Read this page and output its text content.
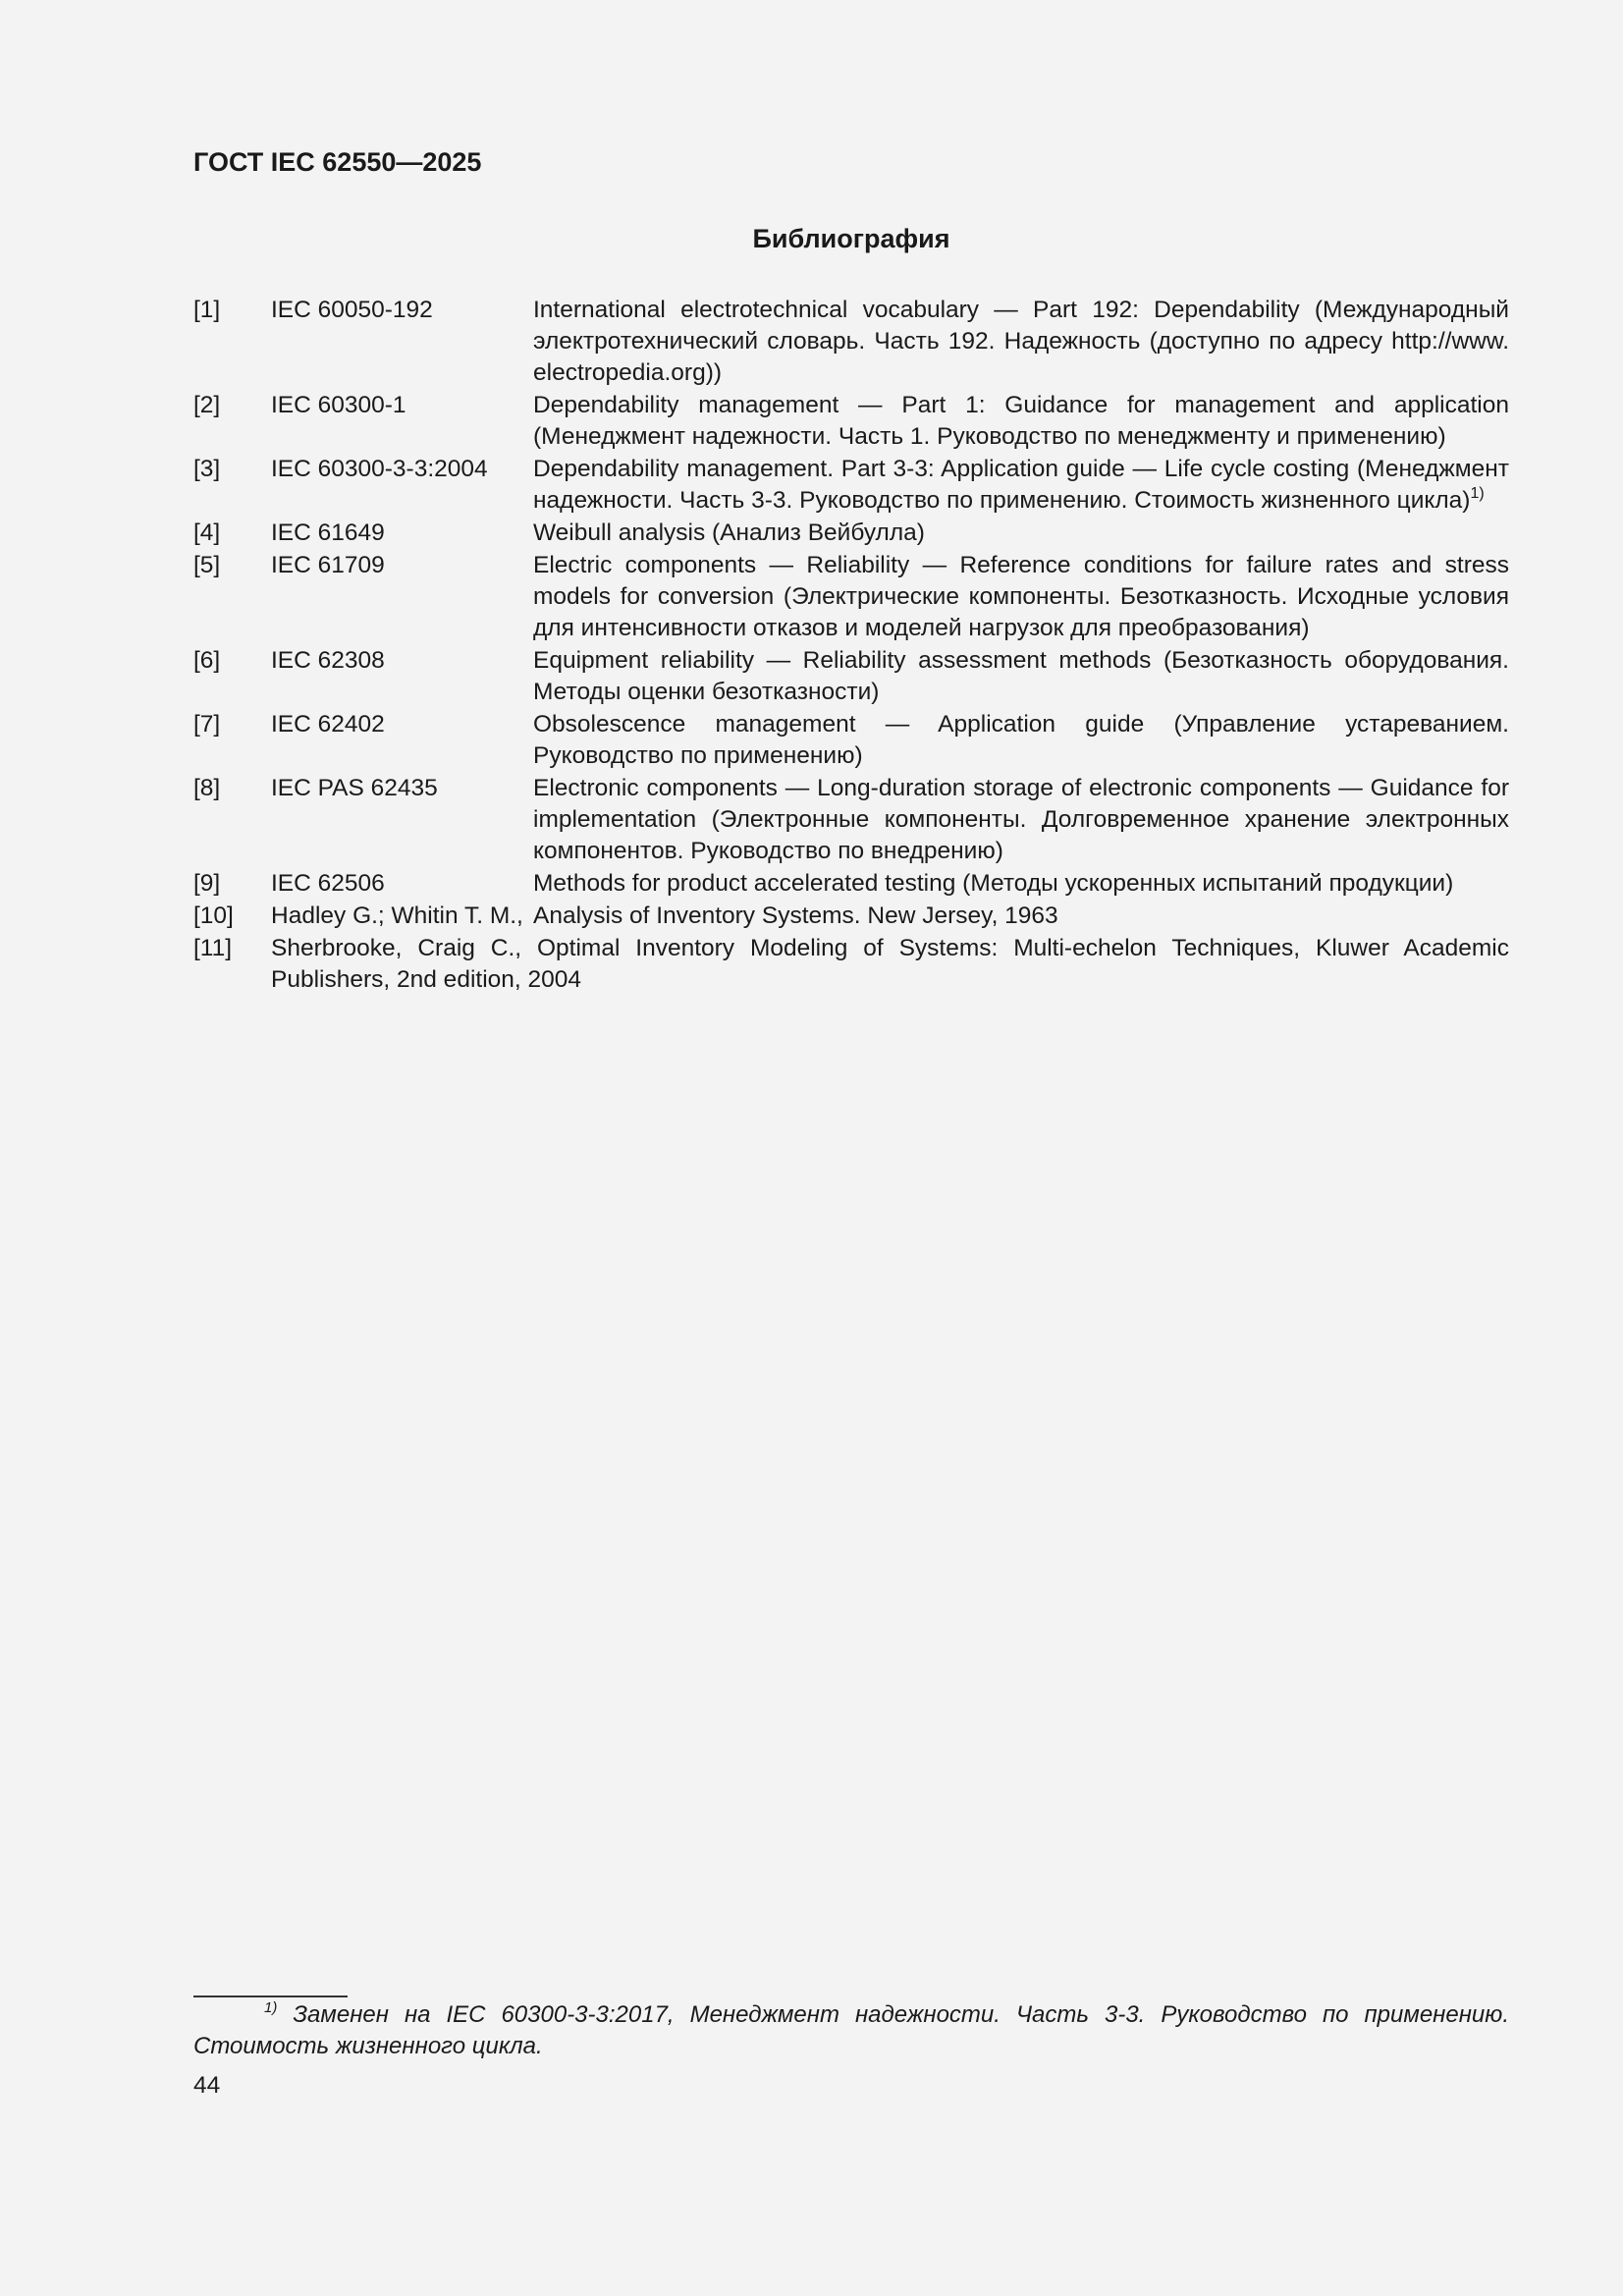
ГОСТ IEC 62550—2025
Библиография
[1] IEC 60050-192	International electrotechnical vocabulary — Part 192: Dependability (Международный электротехнический словарь. Часть 192. Надежность (доступно по адресу http://www. electropedia.org))
[2] IEC 60300-1	Dependability management — Part 1: Guidance for management and application (Менеджмент надежности. Часть 1. Руководство по менеджменту и применению)
[3] IEC 60300-3-3:2004 Dependability management. Part 3-3: Application guide — Life cycle costing (Менеджмент надежности. Часть 3-3. Руководство по применению. Стоимость жизненного цикла)$^{1)}$
[4] IEC 61649	Weibull analysis (Анализ Вейбулла)
[5] IEC 61709	Electric components — Reliability — Reference conditions for failure rates and stress models for conversion (Электрические компоненты. Безотказность. Исходные условия для интенсивности отказов и моделей нагрузок для преобразования)
[6] IEC 62308	Equipment reliability — Reliability assessment methods (Безотказность оборудования. Методы оценки безотказности)
[7] IEC 62402	Obsolescence management — Application guide (Управление устареванием. Руководство по применению)
[8] IEC PAS 62435	Electronic components — Long-duration storage of electronic components — Guidance for implementation (Электронные компоненты. Долговременное хранение электронных компонентов. Руководство по внедрению)
[9] IEC 62506	Methods for product accelerated testing (Методы ускоренных испытаний продукции)
[10] Hadley G.; Whitin T. M., Analysis of Inventory Systems. New Jersey, 1963
[11] Sherbrooke, Craig C., Optimal Inventory Modeling of Systems: Multi-echelon Techniques, Kluwer Academic Publishers, 2nd edition, 2004

$^{1)}$ Заменен на IEC 60300-3-3:2017, Менеджмент надежности. Часть 3-3. Руководство по применению. Стоимость жизненного цикла.

44
